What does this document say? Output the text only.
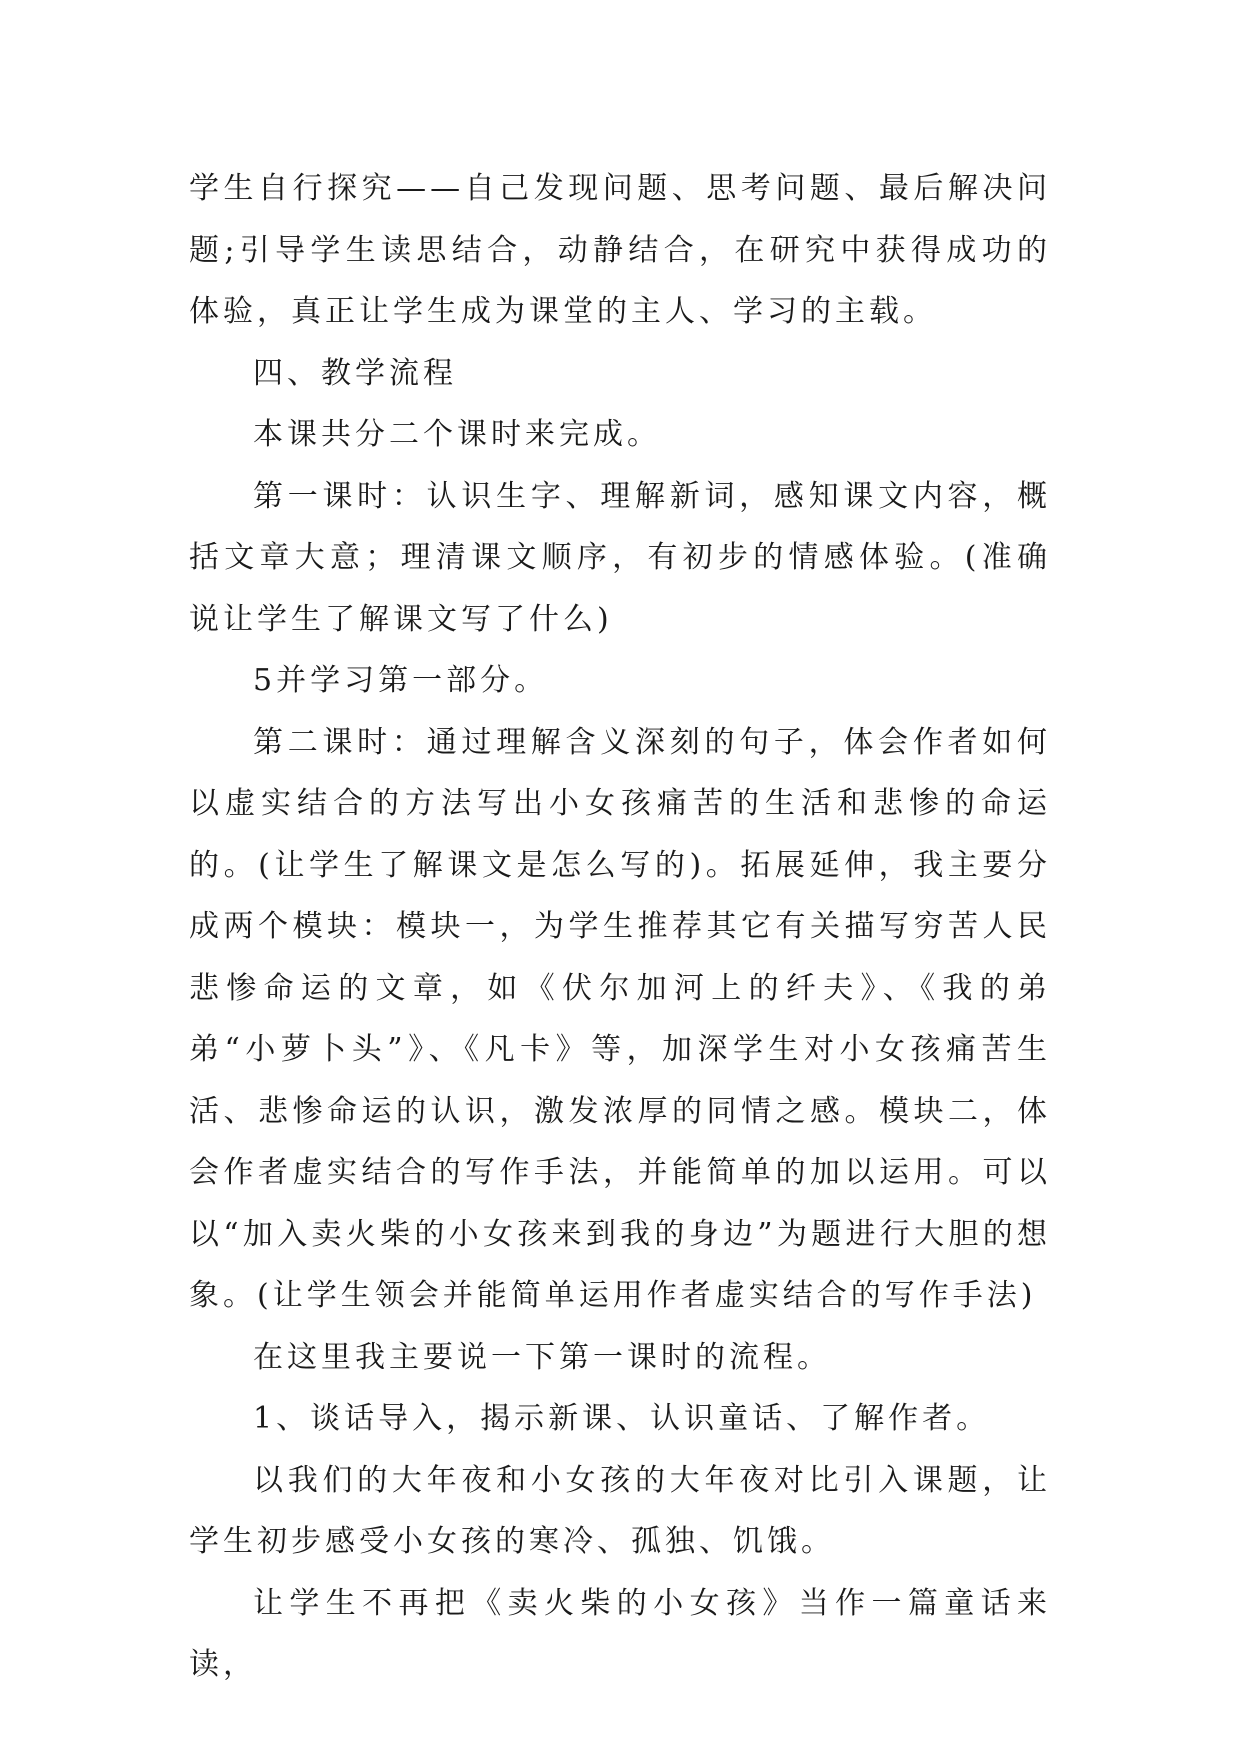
学生自行探究——自己发现问题、思考问题、最后解决问题;引导学生读思结合，动静结合，在研究中获得成功的体验，真正让学生成为课堂的主人、学习的主载。

四、教学流程

本课共分二个课时来完成。

第一课时：认识生字、理解新词，感知课文内容，概括文章大意；理清课文顺序，有初步的情感体验。(准确说让学生了解课文写了什么)

5并学习第一部分。

第二课时：通过理解含义深刻的句子，体会作者如何以虚实结合的方法写出小女孩痛苦的生活和悲惨的命运的。(让学生了解课文是怎么写的)。拓展延伸，我主要分成两个模块：模块一，为学生推荐其它有关描写穷苦人民悲惨命运的文章，如《伏尔加河上的纤夫》、《我的弟弟“小萝卜头”》、《凡卡》等，加深学生对小女孩痛苦生活、悲惨命运的认识，激发浓厚的同情之感。模块二，体会作者虚实结合的写作手法，并能简单的加以运用。可以以“加入卖火柴的小女孩来到我的身边”为题进行大胆的想象。(让学生领会并能简单运用作者虚实结合的写作手法)

在这里我主要说一下第一课时的流程。

1、谈话导入，揭示新课、认识童话、了解作者。

以我们的大年夜和小女孩的大年夜对比引入课题，让学生初步感受小女孩的寒冷、孤独、饥饿。

让学生不再把《卖火柴的小女孩》当作一篇童话来读，
